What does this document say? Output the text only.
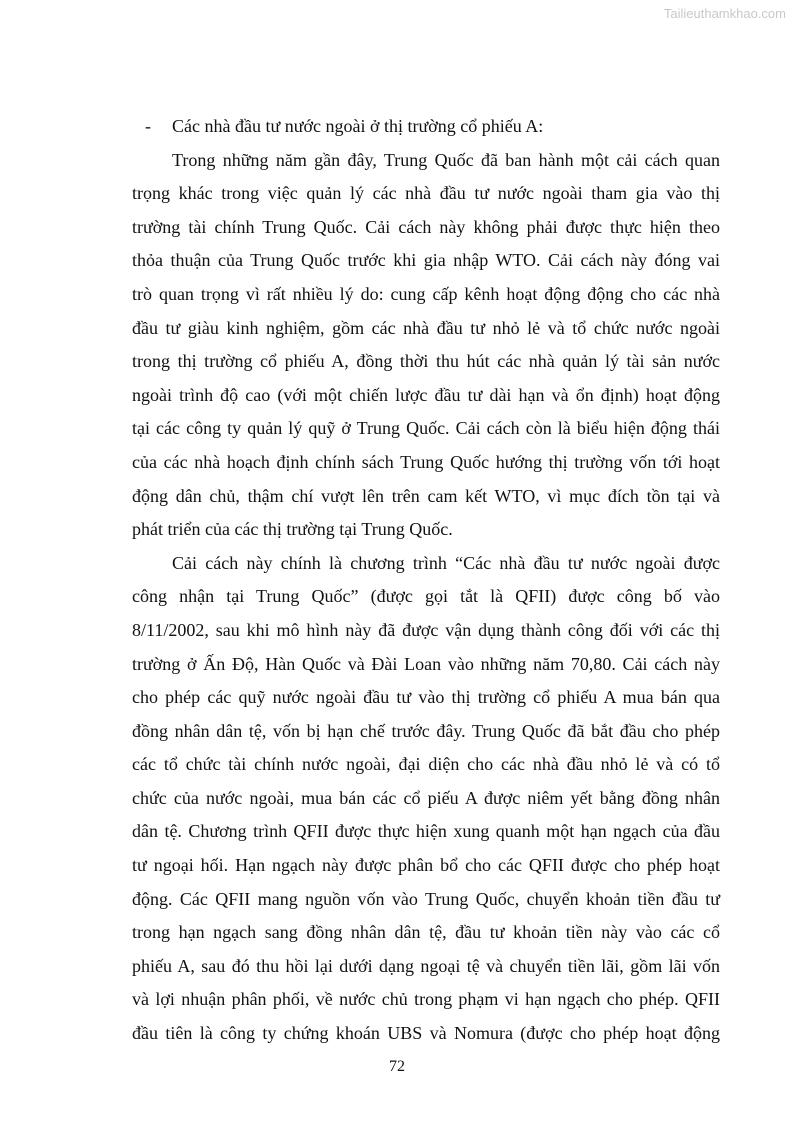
Tailieuthamkhao.com
- Các nhà đầu tư nước ngoài ở thị trường cổ phiếu A:
Trong những năm gần đây, Trung Quốc đã ban hành một cải cách quan
trọng khác trong việc quản lý các nhà đầu tư nước ngoài tham gia vào thị
trường tài chính Trung Quốc. Cải cách này không phải được thực hiện theo
thỏa thuận của Trung Quốc trước khi gia nhập WTO. Cải cách này đóng vai
trò quan trọng vì rất nhiều lý do: cung cấp kênh hoạt động động cho các nhà
đầu tư giàu kinh nghiệm, gồm các nhà đầu tư nhỏ lẻ và tổ chức nước ngoài
trong thị trường cổ phiếu A, đồng thời thu hút các nhà quản lý tài sản nước
ngoài trình độ cao (với một chiến lược đầu tư dài hạn và ổn định) hoạt động
tại các công ty quản lý quỹ ở Trung Quốc. Cải cách còn là biểu hiện động thái
của các nhà hoạch định chính sách Trung Quốc hướng thị trường vốn tới hoạt
động dân chủ, thậm chí vượt lên trên cam kết WTO, vì mục đích tồn tại và
phát triển của các thị trường tại Trung Quốc.
Cải cách này chính là chương trình “Các nhà đầu tư nước ngoài được
công nhận tại Trung Quốc” (được gọi tắt là QFII) được công bố vào
8/11/2002, sau khi mô hình này đã được vận dụng thành công đối với các thị
trường ở Ấn Độ, Hàn Quốc và Đài Loan vào những năm 70,80. Cải cách này
cho phép các quỹ nước ngoài đầu tư vào thị trường cổ phiếu A mua bán qua
đồng nhân dân tệ, vốn bị hạn chế trước đây. Trung Quốc đã bắt đầu cho phép
các tổ chức tài chính nước ngoài, đại diện cho các nhà đầu nhỏ lẻ và có tổ
chức của nước ngoài, mua bán các cổ piếu A được niêm yết bằng đồng nhân
dân tệ. Chương trình QFII được thực hiện xung quanh một hạn ngạch của đầu
tư ngoại hối. Hạn ngạch này được phân bổ cho các QFII được cho phép hoạt
động. Các QFII mang nguồn vốn vào Trung Quốc, chuyển khoản tiền đầu tư
trong hạn ngạch sang đồng nhân dân tệ, đầu tư khoản tiền này vào các cổ
phiếu A, sau đó thu hồi lại dưới dạng ngoại tệ và chuyển tiền lãi, gồm lãi vốn
và lợi nhuận phân phối, về nước chủ trong phạm vi hạn ngạch cho phép. QFII
đầu tiên là công ty chứng khoán UBS và Nomura (được cho phép hoạt động
72
